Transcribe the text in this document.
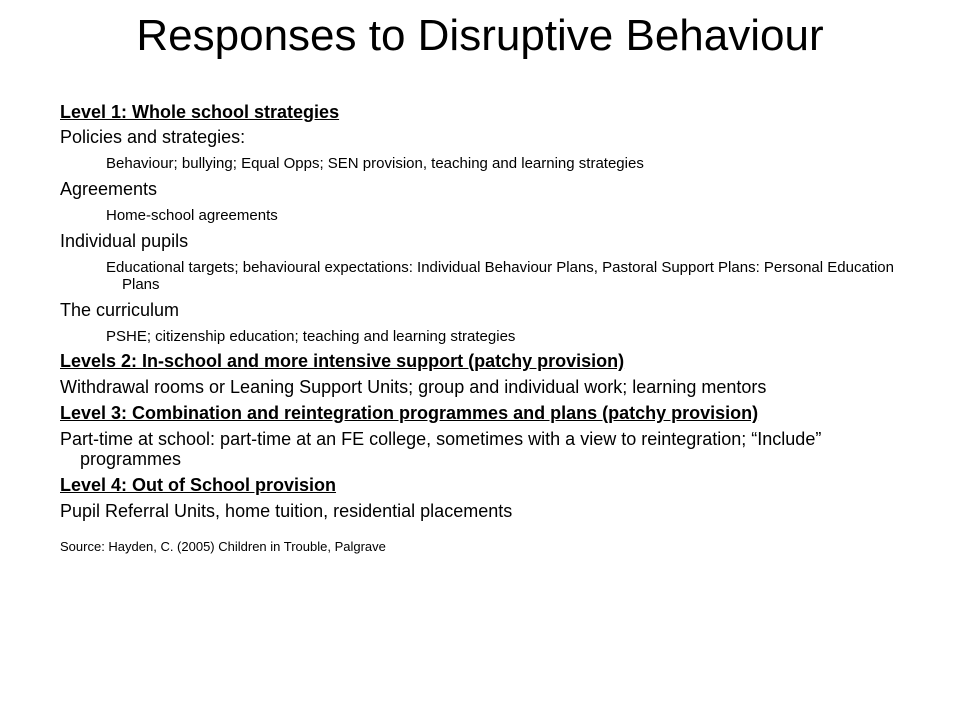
Responses to Disruptive Behaviour
Level 1: Whole school strategies
Policies and strategies:
Behaviour; bullying; Equal Opps; SEN provision, teaching and learning strategies
Agreements
Home-school agreements
Individual pupils
Educational targets; behavioural expectations: Individual Behaviour Plans, Pastoral Support Plans: Personal Education Plans
The curriculum
PSHE; citizenship education; teaching and learning strategies
Levels 2: In-school and more intensive support (patchy provision)
Withdrawal rooms or Leaning Support Units; group and individual work; learning mentors
Level 3: Combination and reintegration programmes and plans (patchy provision)
Part-time at school: part-time at an FE college, sometimes with a view to reintegration; “Include” programmes
Level 4: Out of School provision
Pupil Referral Units, home tuition, residential placements
Source: Hayden, C. (2005) Children in Trouble, Palgrave
